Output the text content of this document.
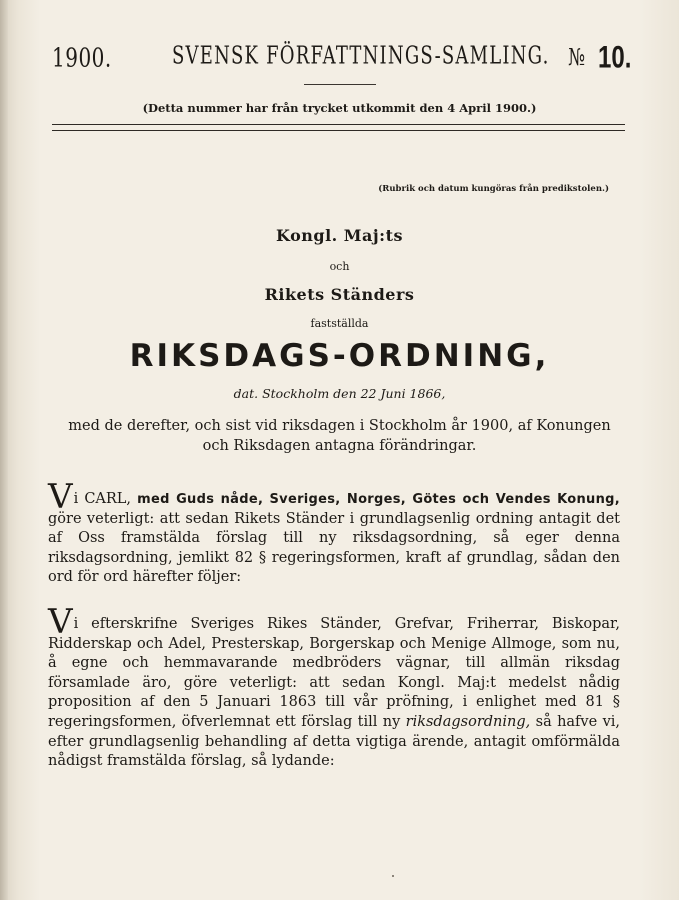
1900.	SVENSK FÖRFATTNINGS-SAMLING. № 10.
(Detta nummer har från trycket utkommit den 4 April 1900.)
(Rubrik och datum kungöras från predikstolen.)
Kongl. Maj:ts
och
Rikets Ständers
fastställda
RIKSDAGS-ORDNING,
dat. Stockholm den 22 Juni 1866,
med de derefter, och sist vid riksdagen i Stockholm år 1900, af Konungen
och Riksdagen antagna förändringar.
Vi CARL, med Guds nåde, Sveriges, Norges, Götes och Vendes Konung, göre veterligt: att sedan Rikets Ständer i grundlagsenlig ordning antagit det af Oss framstälda förslag till ny riksdagsordning, så eger denna riksdagsordning, jemlikt 82 § regeringsformen, kraft af grundlag, sådan den ord för ord härefter följer:
Vi efterskrifne Sveriges Rikes Ständer, Grefvar, Friherrar, Biskopar, Ridderskap och Adel, Presterskap, Borgerskap och Menige Allmoge, som nu, å egne och hemmavarande medbröders vägnar, till allmän riksdag församlade äro, göre veterligt: att sedan Kongl. Maj:t medelst nådig proposition af den 5 Januari 1863 till vår pröfning, i enlighet med 81 § regeringsformen, öfverlemnat ett förslag till ny riksdagsordning, så hafve vi, efter grundlagsenlig behandling af detta vigtiga ärende, antagit omförmälda nådigst framstälda förslag, så lydande:
